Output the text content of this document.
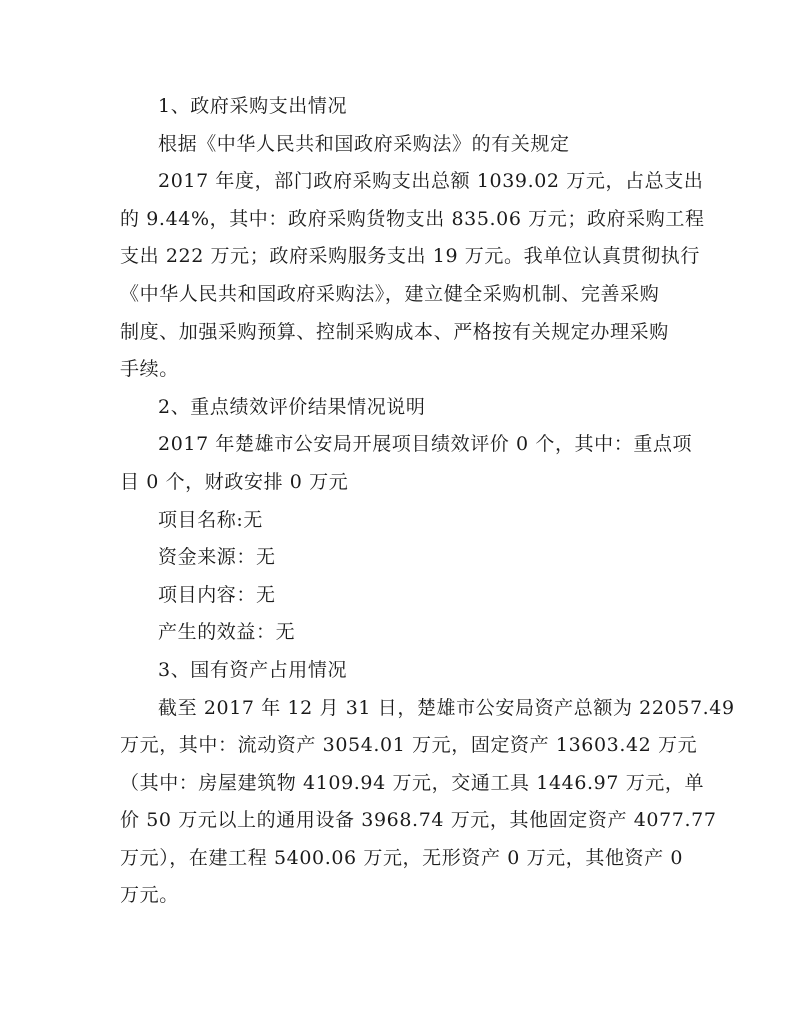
1、政府采购支出情况
根据《中华人民共和国政府采购法》的有关规定
2017 年度，部门政府采购支出总额 1039.02 万元，占总支出
的 9.44%，其中：政府采购货物支出 835.06 万元；政府采购工程
支出 222 万元；政府采购服务支出 19 万元。我单位认真贯彻执行
《中华人民共和国政府采购法》，建立健全采购机制、完善采购
制度、加强采购预算、控制采购成本、严格按有关规定办理采购
手续。
2、重点绩效评价结果情况说明
2017 年楚雄市公安局开展项目绩效评价 0 个，其中：重点项
目 0 个，财政安排 0 万元
项目名称:无
资金来源：无
项目内容：无
产生的效益：无
3、国有资产占用情况
截至 2017 年 12 月 31 日，楚雄市公安局资产总额为 22057.49
万元，其中：流动资产 3054.01 万元，固定资产 13603.42 万元
（其中：房屋建筑物 4109.94 万元，交通工具 1446.97 万元，单
价 50 万元以上的通用设备 3968.74 万元，其他固定资产 4077.77
万元），在建工程 5400.06 万元，无形资产 0 万元，其他资产 0
万元。
